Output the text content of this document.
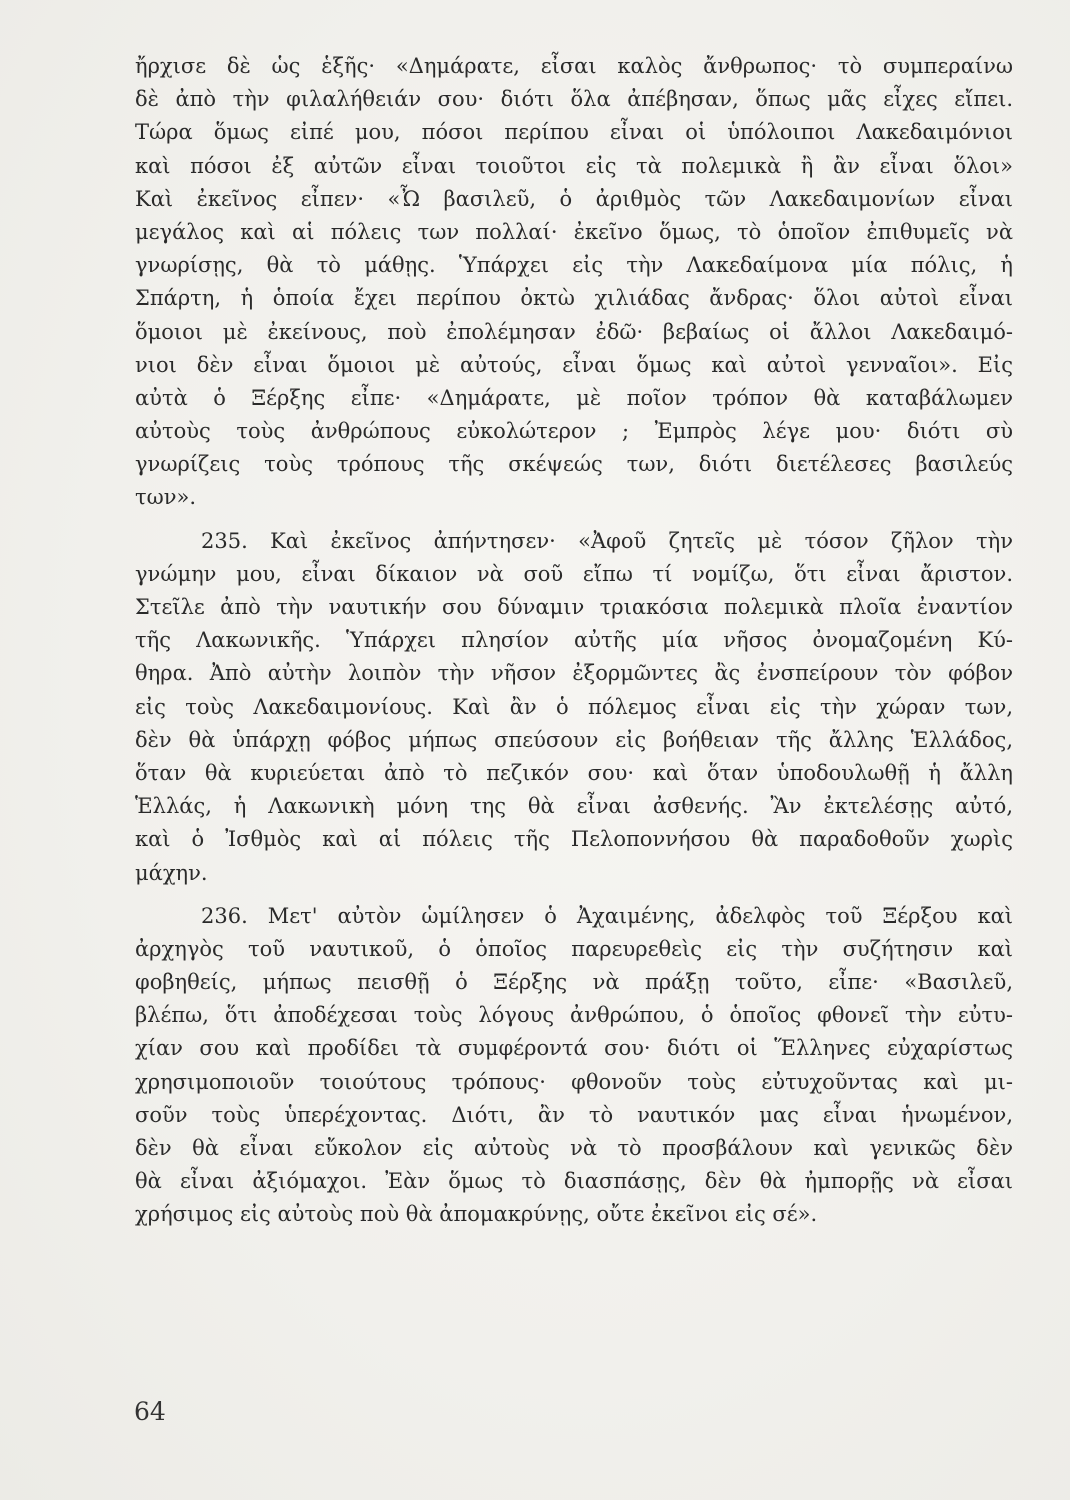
ἤρχισε δὲ ὡς ἑξῆς· «Δημάρατε, εἶσαι καλὸς ἄνθρωπος· τὸ συμπεραίνω
δὲ ἀπὸ τὴν φιλαλήθειάν σου· διότι ὅλα ἀπέβησαν, ὅπως μᾶς εἶχες εἴπει.
Τώρα ὅμως εἰπέ μου, πόσοι περίπου εἶναι οἱ ὑπόλοιποι Λακεδαιμόνιοι
καὶ πόσοι ἐξ αὐτῶν εἶναι τοιοῦτοι εἰς τὰ πολεμικὰ ἢ ἂν εἶναι ὅλοι»
Καὶ ἐκεῖνος εἶπεν· «Ὦ βασιλεῦ, ὁ ἀριθμὸς τῶν Λακεδαιμονίων εἶναι
μεγάλος καὶ αἱ πόλεις των πολλαί· ἐκεῖνο ὅμως, τὸ ὁποῖον ἐπιθυμεῖς νὰ
γνωρίσῃς, θὰ τὸ μάθῃς. Ὑπάρχει εἰς τὴν Λακεδαίμονα μία πόλις, ἡ
Σπάρτη, ἡ ὁποία ἔχει περίπου ὀκτὼ χιλιάδας ἄνδρας· ὅλοι αὐτοὶ εἶναι
ὅμοιοι μὲ ἐκείνους, ποὺ ἐπολέμησαν ἐδῶ· βεβαίως οἱ ἄλλοι Λακεδαιμό-
νιοι δὲν εἶναι ὅμοιοι μὲ αὐτούς, εἶναι ὅμως καὶ αὐτοὶ γενναῖοι». Εἰς
αὐτὰ ὁ Ξέρξης εἶπε· «Δημάρατε, μὲ ποῖον τρόπον θὰ καταβάλωμεν
αὐτοὺς τοὺς ἀνθρώπους εὐκολώτερον ; Ἐμπρὸς λέγε μου· διότι σὺ
γνωρίζεις τοὺς τρόπους τῆς σκέψεώς των, διότι διετέλεσες βασιλεύς
των».
235. Καὶ ἐκεῖνος ἀπήντησεν· «Ἀφοῦ ζητεῖς μὲ τόσον ζῆλον τὴν
γνώμην μου, εἶναι δίκαιον νὰ σοῦ εἴπω τί νομίζω, ὅτι εἶναι ἄριστον.
Στεῖλε ἀπὸ τὴν ναυτικήν σου δύναμιν τριακόσια πολεμικὰ πλοῖα ἐναντίον
τῆς Λακωνικῆς. Ὑπάρχει πλησίον αὐτῆς μία νῆσος ὀνομαζομένη Κύ-
θηρα. Ἀπὸ αὐτὴν λοιπὸν τὴν νῆσον ἐξορμῶντες ἂς ἐνσπείρουν τὸν φόβον
εἰς τοὺς Λακεδαιμονίους. Καὶ ἂν ὁ πόλεμος εἶναι εἰς τὴν χώραν των,
δὲν θὰ ὑπάρχῃ φόβος μήπως σπεύσουν εἰς βοήθειαν τῆς ἄλλης Ἑλλάδος,
ὅταν θὰ κυριεύεται ἀπὸ τὸ πεζικόν σου· καὶ ὅταν ὑποδουλωθῇ ἡ ἄλλη
Ἑλλάς, ἡ Λακωνικὴ μόνη της θὰ εἶναι ἀσθενής. Ἂν ἐκτελέσῃς αὐτό,
καὶ ὁ Ἰσθμὸς καὶ αἱ πόλεις τῆς Πελοποννήσου θὰ παραδοθοῦν χωρὶς
μάχην.
236. Μετ' αὐτὸν ὡμίλησεν ὁ Ἀχαιμένης, ἀδελφὸς τοῦ Ξέρξου καὶ
ἀρχηγὸς τοῦ ναυτικοῦ, ὁ ὁποῖος παρευρεθεὶς εἰς τὴν συζήτησιν καὶ
φοβηθείς, μήπως πεισθῇ ὁ Ξέρξης νὰ πράξῃ τοῦτο, εἶπε· «Βασιλεῦ,
βλέπω, ὅτι ἀποδέχεσαι τοὺς λόγους ἀνθρώπου, ὁ ὁποῖος φθονεῖ τὴν εὐτυ-
χίαν σου καὶ προδίδει τὰ συμφέροντά σου· διότι οἱ Ἕλληνες εὐχαρίστως
χρησιμοποιοῦν τοιούτους τρόπους· φθονοῦν τοὺς εὐτυχοῦντας καὶ μι-
σοῦν τοὺς ὑπερέχοντας. Διότι, ἂν τὸ ναυτικόν μας εἶναι ἡνωμένον,
δὲν θὰ εἶναι εὔκολον εἰς αὐτοὺς νὰ τὸ προσβάλουν καὶ γενικῶς δὲν
θὰ εἶναι ἀξιόμαχοι. Ἐὰν ὅμως τὸ διασπάσῃς, δὲν θὰ ἠμπορῇς νὰ εἶσαι
χρήσιμος εἰς αὐτοὺς ποὺ θὰ ἀπομακρύνῃς, οὔτε ἐκεῖνοι εἰς σέ».
64
